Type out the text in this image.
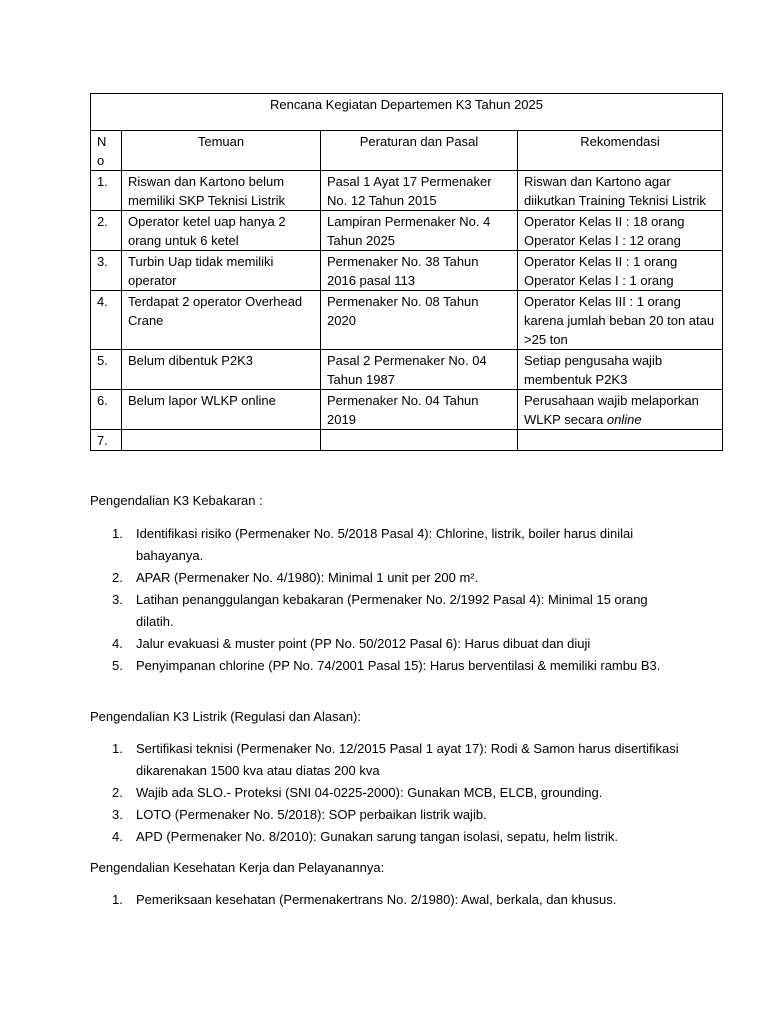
Rencana Kegiatan Departemen K3 Tahun 2025			
N o	Temuan	Peraturan dan Pasal	Rekomendasi
1.	Riswan dan Kartono belum memiliki SKP Teknisi Listrik	Pasal 1 Ayat 17 Permenaker No. 12 Tahun 2015	Riswan dan Kartono agar diikutkan Training Teknisi Listrik
2.	Operator ketel uap hanya 2 orang untuk 6 ketel	Lampiran Permenaker No. 4 Tahun 2025	Operator Kelas II : 18 orang Operator Kelas I : 12 orang
3.	Turbin Uap tidak memiliki operator	Permenaker No. 38 Tahun 2016 pasal 113	Operator Kelas II : 1 orang Operator Kelas I : 1 orang
4.	Terdapat 2 operator Overhead Crane	Permenaker No. 08 Tahun 2020	Operator Kelas III : 1 orang karena jumlah beban 20 ton atau >25 ton
5.	Belum dibentuk P2K3	Pasal 2 Permenaker No. 04 Tahun 1987	Setiap pengusaha wajib membentuk P2K3
6.	Belum lapor WLKP online	Permenaker No. 04 Tahun 2019	Perusahaan wajib melaporkan WLKP secara online
7.			
Pengendalian K3 Kebakaran :
1. Identifikasi risiko (Permenaker No. 5/2018 Pasal 4): Chlorine, listrik, boiler harus dinilai bahayanya.
2. APAR (Permenaker No. 4/1980): Minimal 1 unit per 200 m².
3. Latihan penanggulangan kebakaran (Permenaker No. 2/1992 Pasal 4): Minimal 15 orang dilatih.
4. Jalur evakuasi & muster point (PP No. 50/2012 Pasal 6): Harus dibuat dan diuji
5. Penyimpanan chlorine (PP No. 74/2001 Pasal 15): Harus berventilasi & memiliki rambu B3.
Pengendalian K3 Listrik (Regulasi dan Alasan):
1. Sertifikasi teknisi (Permenaker No. 12/2015 Pasal 1 ayat 17): Rodi & Samon harus disertifikasi dikarenakan 1500 kva atau diatas 200 kva
2. Wajib ada SLO.- Proteksi (SNI 04-0225-2000): Gunakan MCB, ELCB, grounding.
3. LOTO (Permenaker No. 5/2018): SOP perbaikan listrik wajib.
4. APD (Permenaker No. 8/2010): Gunakan sarung tangan isolasi, sepatu, helm listrik.
Pengendalian Kesehatan Kerja dan Pelayanannya:
1. Pemeriksaan kesehatan (Permenakertrans No. 2/1980): Awal, berkala, dan khusus.
